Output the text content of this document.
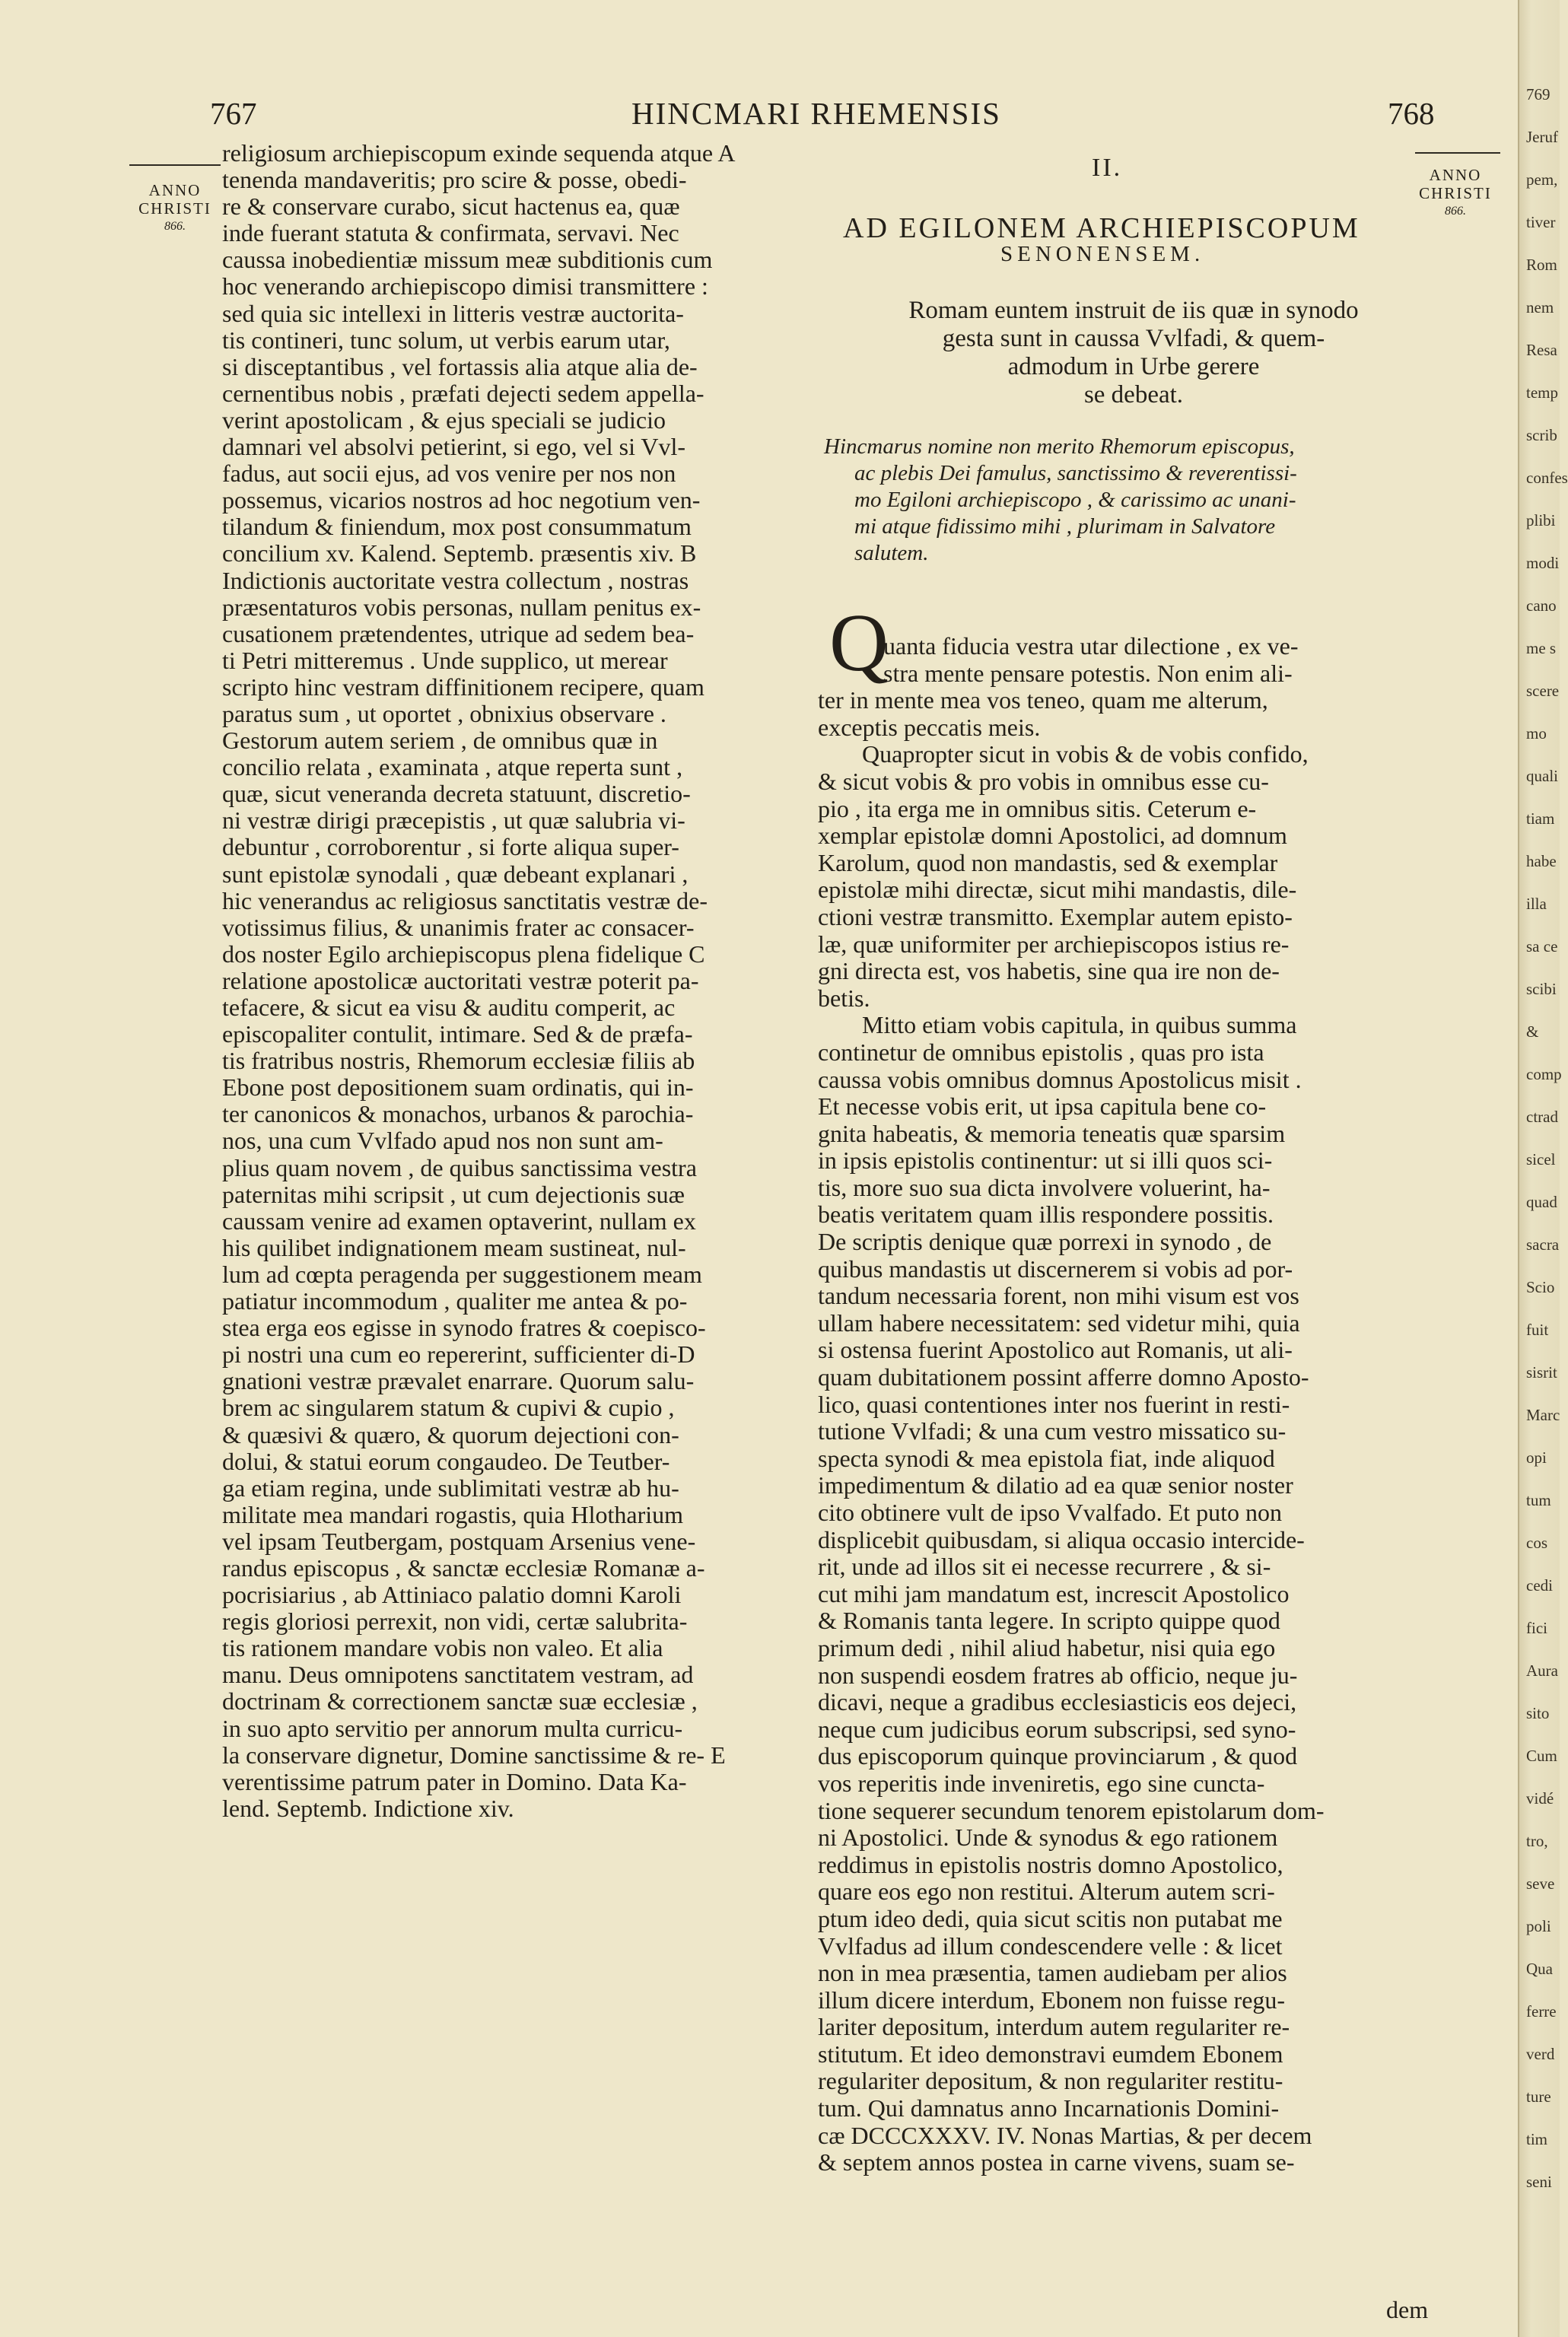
767	HINCMARI RHEMENSIS	768
ANNO
CHRISTI
866.
ANNO
CHRISTI
866.
religiosum archiepiscopum exinde sequenda atque A
tenenda mandaveritis; pro scire & posse, obedi-
re & conservare curabo, sicut hactenus ea, quæ
inde fuerant statuta & confirmata, servavi. Nec
caussa inobedientiæ missum meæ subditionis cum
hoc venerando archiepiscopo dimisi transmittere :
sed quia sic intellexi in litteris vestræ auctorita-
tis contineri, tunc solum, ut verbis earum utar,
si disceptantibus , vel fortassis alia atque alia de-
cernentibus nobis , præfati dejecti sedem appella-
verint apostolicam , & ejus speciali se judicio
damnari vel absolvi petierint, si ego, vel si Vvl-
fadus, aut socii ejus, ad vos venire per nos non
possemus, vicarios nostros ad hoc negotium ven-
tilandum & finiendum, mox post consummatum
concilium xv. Kalend. Septemb. præsentis xiv. B
Indictionis auctoritate vestra collectum , nostras
præsentaturos vobis personas, nullam penitus ex-
cusationem prætendentes, utrique ad sedem bea-
ti Petri mitteremus . Unde supplico, ut merear
scripto hinc vestram diffinitionem recipere, quam
paratus sum , ut oportet , obnixius observare .
Gestorum autem seriem , de omnibus quæ in
concilio relata , examinata , atque reperta sunt ,
quæ, sicut veneranda decreta statuunt, discretio-
ni vestræ dirigi præcepistis , ut quæ salubria vi-
debuntur , corroborentur , si forte aliqua super-
sunt epistolæ synodali , quæ debeant explanari ,
hic venerandus ac religiosus sanctitatis vestræ de-
votissimus filius, & unanimis frater ac consacer-
dos noster Egilo archiepiscopus plena fidelique C
relatione apostolicæ auctoritati vestræ poterit pa-
tefacere, & sicut ea visu & auditu comperit, ac
episcopaliter contulit, intimare. Sed & de præfa-
tis fratribus nostris, Rhemorum ecclesiæ filiis ab
Ebone post depositionem suam ordinatis, qui in-
ter canonicos & monachos, urbanos & parochia-
nos, una cum Vvlfado apud nos non sunt am-
plius quam novem , de quibus sanctissima vestra
paternitas mihi scripsit , ut cum dejectionis suæ
caussam venire ad examen optaverint, nullam ex
his quilibet indignationem meam sustineat, nul-
lum ad cœpta peragenda per suggestionem meam
patiatur incommodum , qualiter me antea & po-
stea erga eos egisse in synodo fratres & coepisco-
pi nostri una cum eo repererint, sufficienter di-D
gnationi vestræ prævalet enarrare. Quorum salu-
brem ac singularem statum & cupivi & cupio ,
& quæsivi & quæro, & quorum dejectioni con-
dolui, & statui eorum congaudeo. De Teutber-
ga etiam regina, unde sublimitati vestræ ab hu-
militate mea mandari rogastis, quia Hlotharium
vel ipsam Teutbergam, postquam Arsenius vene-
randus episcopus , & sanctæ ecclesiæ Romanæ a-
pocrisiarius , ab Attiniaco palatio domni Karoli
regis gloriosi perrexit, non vidi, certæ salubrita-
tis rationem mandare vobis non valeo. Et alia
manu. Deus omnipotens sanctitatem vestram, ad
doctrinam & correctionem sanctæ suæ ecclesiæ ,
in suo apto servitio per annorum multa curricu-
la conservare dignetur, Domine sanctissime & re- E
verentissime patrum pater in Domino. Data Ka-
lend. Septemb. Indictione xiv.
II.
AD EGILONEM ARCHIEPISCOPUM
SENONENSEM.
Romam euntem instruit de iis quæ in synodo
gesta sunt in caussa Vvlfadi, & quem-
admodum in Urbe gerere
se debeat.
Hincmarus nomine non merito Rhemorum episcopus,
ac plebis Dei famulus, sanctissimo & reverentissi-
mo Egiloni archiepiscopo , & carissimo ac unani-
mi atque fidissimo mihi , plurimam in Salvatore
salutem.
Q
uanta fiducia vestra utar dilectione , ex ve-
stra mente pensare potestis. Non enim ali-
ter in mente mea vos teneo, quam me alterum,
exceptis peccatis meis.
Quapropter sicut in vobis & de vobis confido,
& sicut vobis & pro vobis in omnibus esse cu-
pio , ita erga me in omnibus sitis. Ceterum e-
xemplar epistolæ domni Apostolici, ad domnum
Karolum, quod non mandastis, sed & exemplar
epistolæ mihi directæ, sicut mihi mandastis, dile-
ctioni vestræ transmitto. Exemplar autem episto-
læ, quæ uniformiter per archiepiscopos istius re-
gni directa est, vos habetis, sine qua ire non de-
betis.
Mitto etiam vobis capitula, in quibus summa
continetur de omnibus epistolis , quas pro ista
caussa vobis omnibus domnus Apostolicus misit .
Et necesse vobis erit, ut ipsa capitula bene co-
gnita habeatis, & memoria teneatis quæ sparsim
in ipsis epistolis continentur: ut si illi quos sci-
tis, more suo sua dicta involvere voluerint, ha-
beatis veritatem quam illis respondere possitis.
De scriptis denique quæ porrexi in synodo , de
quibus mandastis ut discernerem si vobis ad por-
tandum necessaria forent, non mihi visum est vos
ullam habere necessitatem: sed videtur mihi, quia
si ostensa fuerint Apostolico aut Romanis, ut ali-
quam dubitationem possint afferre domno Aposto-
lico, quasi contentiones inter nos fuerint in resti-
tutione Vvlfadi; & una cum vestro missatico su-
specta synodi & mea epistola fiat, inde aliquod
impedimentum & dilatio ad ea quæ senior noster
cito obtinere vult de ipso Vvalfado. Et puto non
displicebit quibusdam, si aliqua occasio intercide-
rit, unde ad illos sit ei necesse recurrere , & si-
cut mihi jam mandatum est, increscit Apostolico
& Romanis tanta legere. In scripto quippe quod
primum dedi , nihil aliud habetur, nisi quia ego
non suspendi eosdem fratres ab officio, neque ju-
dicavi, neque a gradibus ecclesiasticis eos dejeci,
neque cum judicibus eorum subscripsi, sed syno-
dus episcoporum quinque provinciarum , & quod
vos reperitis inde inveniretis, ego sine cuncta-
tione sequerer secundum tenorem epistolarum dom-
ni Apostolici. Unde & synodus & ego rationem
reddimus in epistolis nostris domno Apostolico,
quare eos ego non restitui. Alterum autem scri-
ptum ideo dedi, quia sicut scitis non putabat me
Vvlfadus ad illum condescendere velle : & licet
non in mea præsentia, tamen audiebam per alios
illum dicere interdum, Ebonem non fuisse regu-
lariter depositum, interdum autem regulariter re-
stitutum. Et ideo demonstravi eumdem Ebonem
regulariter depositum, & non regulariter restitu-
tum. Qui damnatus anno Incarnationis Domini-
cæ DCCCXXXV. IV. Nonas Martias, & per decem
& septem annos postea in carne vivens, suam se-
dem
769
Jeruf
pem,
tiver
Rom
nem
Resa
temp
scrib
confes
plibi
modi
cano
me s
scere
mo
quali
tiam
habe
illa
sa ce
scibi
&
comp
ctrad
sicel
quad
sacra
Scio
fuit
sisrit
Marc
opi
tum
cos
cedi
fici
Aura
sito
Cum
vidé
tro,
seve
poli
Qua
ferre
verd
ture
tim
seni
